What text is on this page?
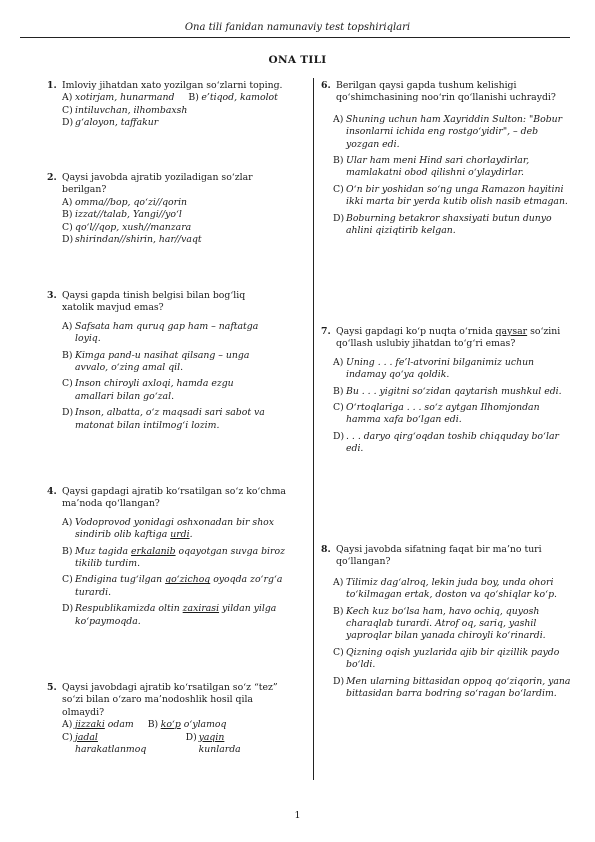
Ona tili fanidan namunaviy test topshiriqlari
ONA TILI
1. Imloviy jihatdan xato yozilgan so‘zlarni toping.
A) xotirjam, hunarmand B) e’tiqod, kamolot
C) intiluvchan, ilhombaxsh
D) g‘aloyon, taffakur
2. Qaysi javobda ajratib yoziladigan so‘zlar berilgan?
A) omma//bop, qo‘zi//qorin
B) izzat//talab, Yangi//yo‘l
C) qo‘l//qop, xush//manzara
D) shirindan//shirin, har//vaqt
3. Qaysi gapda tinish belgisi bilan bog‘liq xatolik mavjud emas?
A) Safsata ham quruq gap ham – naftatga loyiq.
B) Kimga pand-u nasihat qilsang – unga avvalo, o‘zing amal qil.
C) Inson chiroyli axloqi, hamda ezgu amallari bilan go‘zal.
D) Inson, albatta, o‘z maqsadi sari sabot va matonat bilan intilmog‘i lozim.
4. Qaysi gapdagi ajratib ko‘rsatilgan so‘z ko‘chma ma’noda qo‘llangan?
A) Vodoprovod yonidagi oshxonadan bir shox sindirib olib kaftiga urdi.
B) Muz tagida erkalanib oqayotgan suvga biroz tikilib turdim.
C) Endigina tug‘ilgan qo‘zichoq oyoqda zo‘rg‘a turardi.
D) Respublikamizda oltin zaxirasi yildan yilga ko‘paymoqda.
5. Qaysi javobdagi ajratib ko‘rsatilgan so‘z “tez” so‘zi bilan o‘zaro ma’nodoshlik hosil qila olmaydi?
A) jizzaki odam B) ko‘p o‘ylamoq
C) jadal harakatlanmoq
D) yaqin kunlarda
6. Berilgan qaysi gapda tushum kelishigi qo‘shimchasining noo‘rin qo‘llanishi uchraydi?
A) Shuning uchun ham Xayriddin Sulton: "Bobur insonlarni ichida eng rostgo‘yidir", – deb yozgan edi.
B) Ular ham meni Hind sari chorlaydirlar, mamlakatni obod qilishni o‘ylaydirlar.
C) O‘n bir yoshidan so‘ng unga Ramazon hayitini ikki marta bir yerda kutib olish nasib etmagan.
D) Boburning betakror shaxsiyati butun dunyo ahlini qiziqtirib kelgan.
7. Qaysi gapdagi ko‘p nuqta o‘rnida qaysar so‘zini qo‘llash uslubiy jihatdan to‘g‘ri emas?
A) Uning . . . fe’l-atvorini bilganimiz uchun indamay qo‘ya qoldik.
B) Bu . . . yigitni so‘zidan qaytarish mushkul edi.
C) O‘rtoqlariga . . . so‘z aytgan Ilhomjondan hamma xafa bo‘lgan edi.
D) . . . daryo qirg‘oqdan toshib chiqquday bo‘lar edi.
8. Qaysi javobda sifatning faqat bir ma’no turi qo‘llangan?
A) Tilimiz dag‘alroq, lekin juda boy, unda ohori to‘kilmagan ertak, doston va qo‘shiqlar ko‘p.
B) Kech kuz bo‘lsa ham, havo ochiq, quyosh charaqlab turardi. Atrof oq, sariq, yashil yaproqlar bilan yanada chiroyli ko‘rinardi.
C) Qizning oqish yuzlarida ajib bir qizillik paydo bo‘ldi.
D) Men ularning bittasidan oppoq qo‘ziqorin, yana bittasidan barra bodring so‘ragan bo‘lardim.
1
